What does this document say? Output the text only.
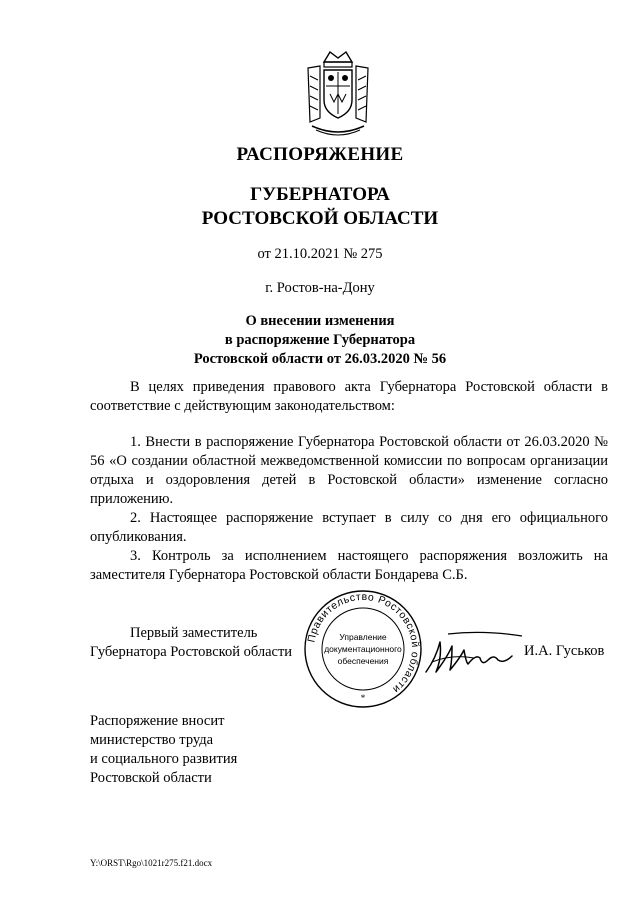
РАСПОРЯЖЕНИЕ
ГУБЕРНАТОРА
РОСТОВСКОЙ ОБЛАСТИ
от 21.10.2021 № 275
г. Ростов-на-Дону
О внесении изменения
в распоряжение Губернатора
Ростовской области от 26.03.2020 № 56

В целях приведения правового акта Губернатора Ростовской области в соответствие с действующим законодательством:

1. Внести в распоряжение Губернатора Ростовской области от 26.03.2020 № 56 «О создании областной межведомственной комиссии по вопросам организации отдыха и оздоровления детей в Ростовской области» изменение согласно приложению.

2. Настоящее распоряжение вступает в силу со дня его официального опубликования.

3. Контроль за исполнением настоящего распоряжения возложить на заместителя Губернатора Ростовской области Бондарева С.Б.

Первый заместитель
Губернатора Ростовской области
Правительство Ростовской области
Управление
документационного
обеспечения
*
И.А. Гуськов
Распоряжение вносит
министерство труда
и социального развития
Ростовской области
Y:\ORST\Rgo\1021r275.f21.docx
